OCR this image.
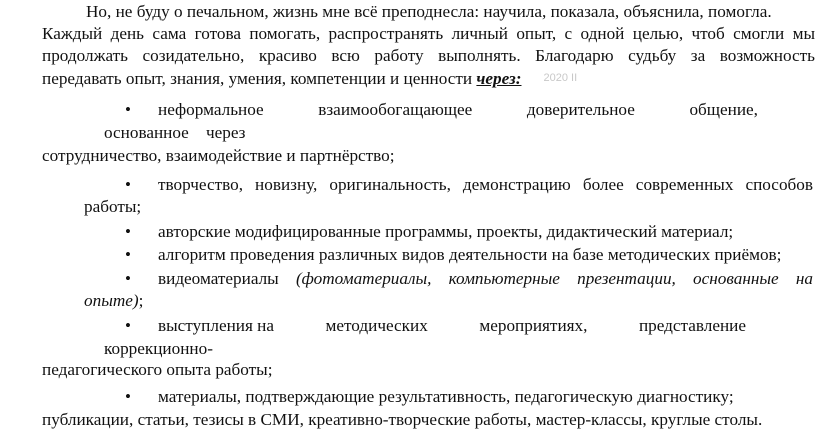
Но, не буду о печальном, жизнь мне всё преподнесла: научила, показала, объяснила, помогла.
Каждый день сама готова помогать, распространять личный опыт, с одной целью, чтоб смогли мы
продолжать созидательно, красиво всю работу выполнять. Благодарю судьбу за возможность
передавать опыт, знания, умения, компетенции и ценности через: 2020 II
• неформальное	взаимообогащающее	доверительное	общение,
основанное    через
сотрудничество, взаимодействие и партнёрство;
• творчество, новизну, оригинальность, демонстрацию более современных способов
работы;
• авторские модифицированные программы, проекты, дидактический материал;
• алгоритм проведения различных видов деятельности на базе методических приёмов;
• видеоматериалы (фотоматериалы, компьютерные презентации, основанные на
опыте);
• выступления на	методических	мероприятиях,	представление
коррекционно-
педагогического опыта работы;
• материалы, подтверждающие результативность, педагогическую диагностику;
публикации, статьи, тезисы в СМИ, креативно-творческие работы, мастер-классы, круглые столы.
